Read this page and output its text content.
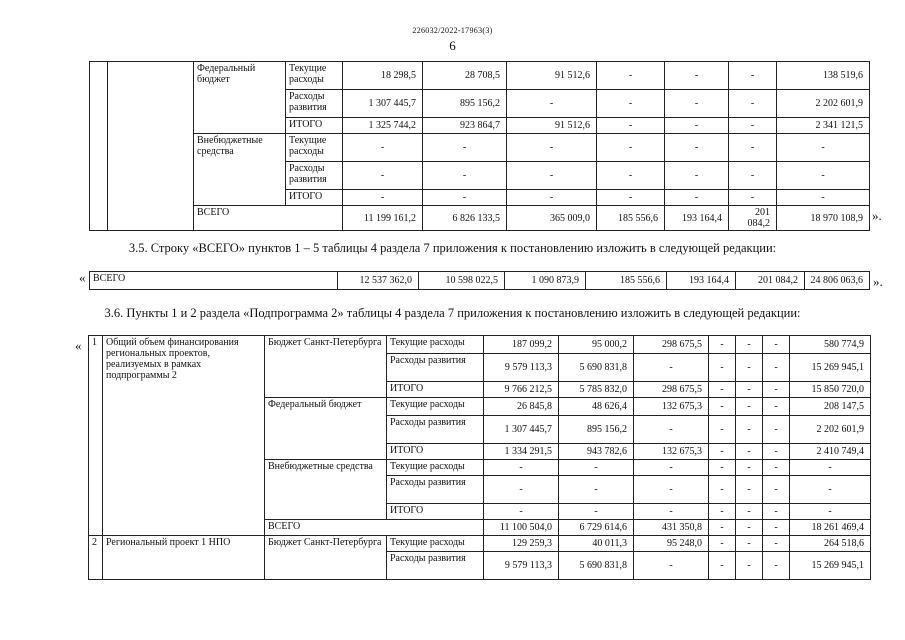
226032/2022-17963(3)
6
		Федеральный бюджет	Текущие расходы	18 298,5	28 708,5	91 512,6	-	-	-	138 519,6
			Расходы развития	1 307 445,7	895 156,2	-	-	-	-	2 202 601,9
			ИТОГО	1 325 744,2	923 864,7	91 512,6	-	-	-	2 341 121,5
		Внебюджетные средства	Текущие расходы	-	-	-	-	-	-	-
			Расходы развития	-	-	-	-	-	-	-
			ИТОГО	-	-	-	-	-	-	-
		ВСЕГО		11 199 161,2	6 826 133,5	365 009,0	185 556,6	193 164,4	201 084,2	18 970 108,9 ».
3.5. Строку «ВСЕГО» пунктов 1 – 5 таблицы 4 раздела 7 приложения к постановлению изложить в следующей редакции:
« ВСЕГО	12 537 362,0	10 598 022,5	1 090 873,9	185 556,6	193 164,4	201 084,2	24 806 063,6 ».
3.6. Пункты 1 и 2 раздела «Подпрограмма 2» таблицы 4 раздела 7 приложения к постановлению изложить в следующей редакции:
« 1	Общий объем финансирования региональных проектов, реализуемых в рамках подпрограммы 2	Бюджет Санкт-Петербурга	Текущие расходы	187 099,2	95 000,2	298 675,5	-	-	-	580 774,9
			Расходы развития	9 579 113,3	5 690 831,8	-	-	-	-	15 269 945,1
			ИТОГО	9 766 212,5	5 785 832,0	298 675,5	-	-	-	15 850 720,0
		Федеральный бюджет	Текущие расходы	26 845,8	48 626,4	132 675,3	-	-	-	208 147,5
			Расходы развития	1 307 445,7	895 156,2	-	-	-	-	2 202 601,9
			ИТОГО	1 334 291,5	943 782,6	132 675,3	-	-	-	2 410 749,4
		Внебюджетные средства	Текущие расходы	-	-	-	-	-	-	-
			Расходы развития	-	-	-	-	-	-	-
			ИТОГО	-	-	-	-	-	-	-
		ВСЕГО		11 100 504,0	6 729 614,6	431 350,8	-	-	-	18 261 469,4
2	Региональный проект 1 НПО	Бюджет Санкт-Петербурга	Текущие расходы	129 259,3	40 011,3	95 248,0	-	-	-	264 518,6
			Расходы развития	9 579 113,3	5 690 831,8	-	-	-	-	15 269 945,1
